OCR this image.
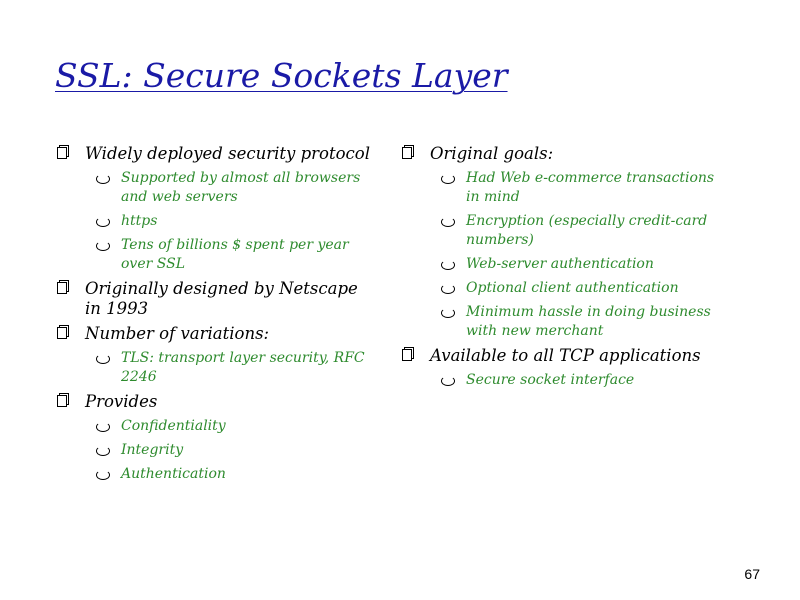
SSL: Secure Sockets Layer
Widely deployed security protocol
Supported by almost all browsers and web servers
https
Tens of billions $ spent per year over SSL
Originally designed by Netscape in 1993
Number of variations:
TLS: transport layer security, RFC 2246
Provides
Confidentiality
Integrity
Authentication
Original goals:
Had Web e-commerce transactions in mind
Encryption (especially credit-card numbers)
Web-server authentication
Optional client authentication
Minimum hassle in doing business with new merchant
Available to all TCP applications
Secure socket interface
67
